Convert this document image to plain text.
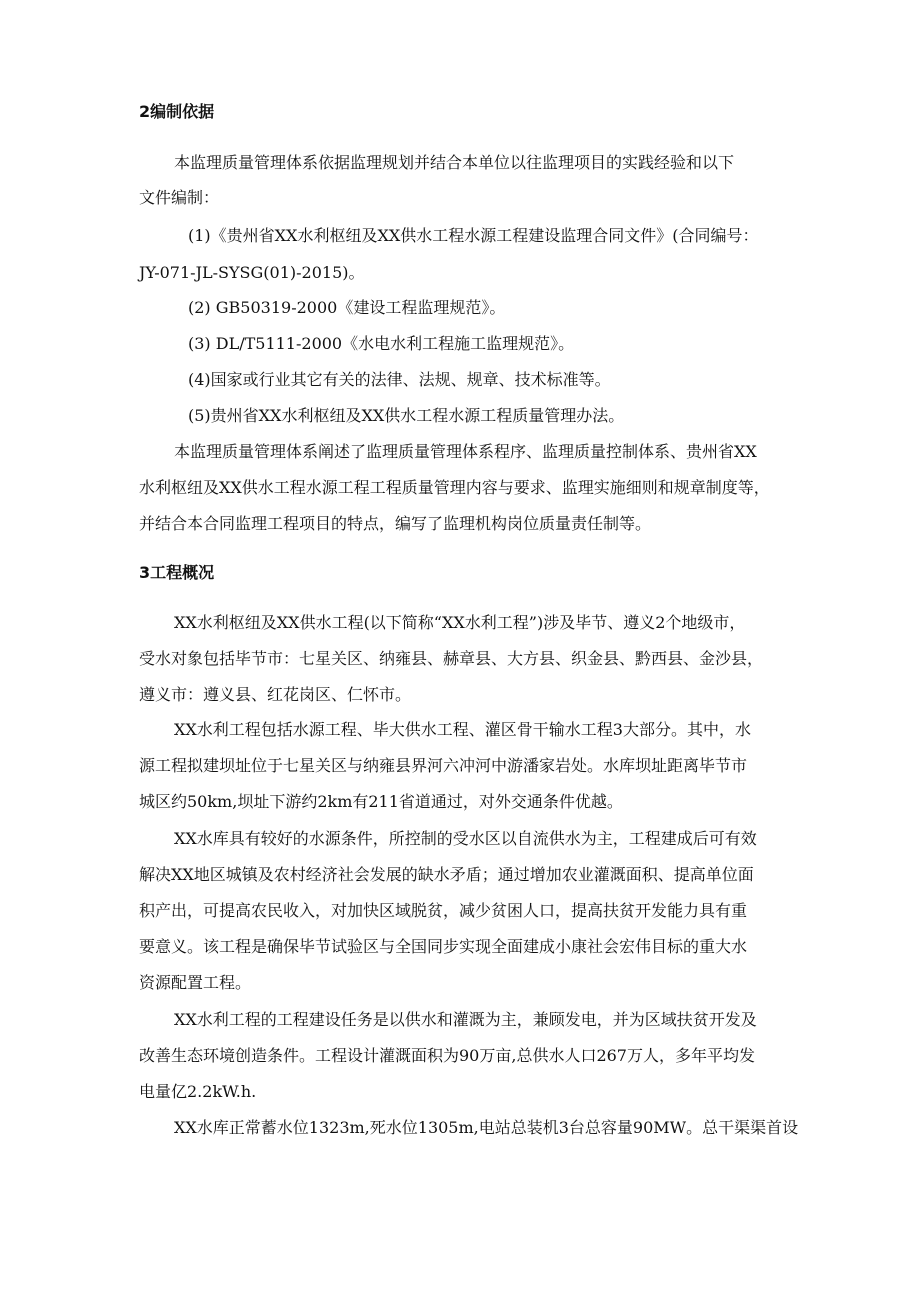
2编制依据
本监理质量管理体系依据监理规划并结合本单位以往监理项目的实践经验和以下
文件编制：
(1)《贵州省XX水利枢纽及XX供水工程水源工程建设监理合同文件》(合同编号：
JY-071-JL-SYSG(01)-2015)。
(2) GB50319-2000《建设工程监理规范》。
(3) DL/T5111-2000《水电水利工程施工监理规范》。
(4)国家或行业其它有关的法律、法规、规章、技术标准等。
(5)贵州省XX水利枢纽及XX供水工程水源工程质量管理办法。
本监理质量管理体系阐述了监理质量管理体系程序、监理质量控制体系、贵州省XX
水利枢纽及XX供水工程水源工程工程质量管理内容与要求、监理实施细则和规章制度等，
并结合本合同监理工程项目的特点，编写了监理机构岗位质量责任制等。
3工程概况
XX水利枢纽及XX供水工程(以下简称“XX水利工程”)涉及毕节、遵义2个地级市，
受水对象包括毕节市：七星关区、纳雍县、赫章县、大方县、织金县、黔西县、金沙县，
遵义市：遵义县、红花岗区、仁怀市。
XX水利工程包括水源工程、毕大供水工程、灌区骨干输水工程3大部分。其中，水
源工程拟建坝址位于七星关区与纳雍县界河六冲河中游潘家岩处。水库坝址距离毕节市
城区约50km,坝址下游约2km有211省道通过，对外交通条件优越。
XX水库具有较好的水源条件，所控制的受水区以自流供水为主，工程建成后可有效
解决XX地区城镇及农村经济社会发展的缺水矛盾；通过增加农业灌溉面积、提高单位面
积产出，可提高农民收入，对加快区域脱贫，减少贫困人口，提高扶贫开发能力具有重
要意义。该工程是确保毕节试验区与全国同步实现全面建成小康社会宏伟目标的重大水
资源配置工程。
XX水利工程的工程建设任务是以供水和灌溉为主，兼顾发电，并为区域扶贫开发及
改善生态环境创造条件。工程设计灌溉面积为90万亩,总供水人口267万人，多年平均发
电量亿2.2kW.h.
XX水库正常蓄水位1323m,死水位1305m,电站总装机3台总容量90MW。总干渠渠首设
